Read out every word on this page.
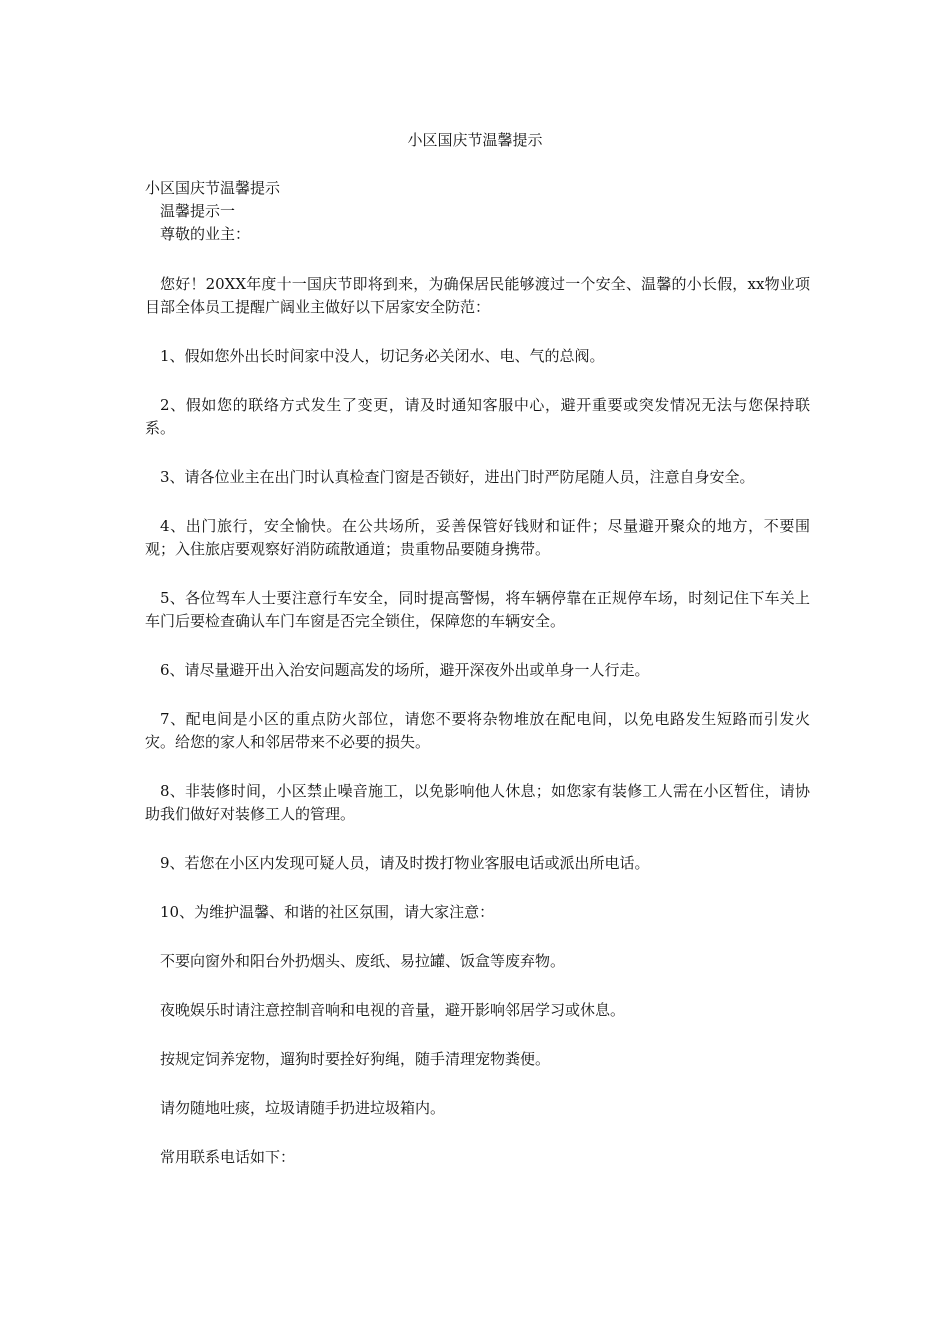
小区国庆节温馨提示

小区国庆节温馨提示

温馨提示一

尊敬的业主：

您好！20XX年度十一国庆节即将到来，为确保居民能够渡过一个安全、温馨的小长假，xx物业项目部全体员工提醒广阔业主做好以下居家安全防范：

1、假如您外出长时间家中没人，切记务必关闭水、电、气的总阀。

2、假如您的联络方式发生了变更，请及时通知客服中心，避开重要或突发情况无法与您保持联系。

3、请各位业主在出门时认真检查门窗是否锁好，进出门时严防尾随人员，注意自身安全。

4、出门旅行，安全愉快。在公共场所，妥善保管好钱财和证件；尽量避开聚众的地方，不要围观；入住旅店要观察好消防疏散通道；贵重物品要随身携带。

5、各位驾车人士要注意行车安全，同时提高警惕，将车辆停靠在正规停车场，时刻记住下车关上车门后要检查确认车门车窗是否完全锁住，保障您的车辆安全。

6、请尽量避开出入治安问题高发的场所，避开深夜外出或单身一人行走。

7、配电间是小区的重点防火部位，请您不要将杂物堆放在配电间，以免电路发生短路而引发火灾。给您的家人和邻居带来不必要的损失。

8、非装修时间，小区禁止噪音施工，以免影响他人休息；如您家有装修工人需在小区暂住，请协助我们做好对装修工人的管理。

9、若您在小区内发现可疑人员，请及时拨打物业客服电话或派出所电话。

10、为维护温馨、和谐的社区氛围，请大家注意：

不要向窗外和阳台外扔烟头、废纸、易拉罐、饭盒等废弃物。

夜晚娱乐时请注意控制音响和电视的音量，避开影响邻居学习或休息。

按规定饲养宠物，遛狗时要拴好狗绳，随手清理宠物粪便。

请勿随地吐痰，垃圾请随手扔进垃圾箱内。

常用联系电话如下：
